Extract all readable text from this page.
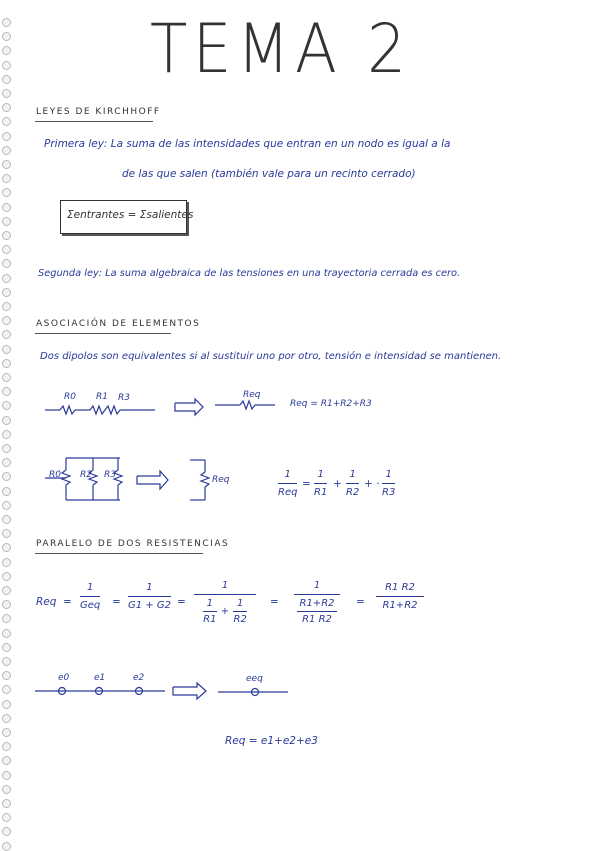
TEMA 2
LEYES DE KIRCHHOFF
Primera ley: La suma de las intensidades que entran en un nodo es igual a la
de las que salen (también vale para un recinto cerrado)
Σentrantes = Σsalientes
Segunda ley: La suma algebraica de las tensiones en una trayectoria cerrada es cero.
ASOCIACIÓN DE ELEMENTOS
Dos dipolos son equivalentes si al sustituir uno por otro, tensión e intensidad se mantienen.
R0 R1 R3	Req
Req = R1+R2+R3
R0 R2 R3	Req	1
Req
=
1
R1
+
1
R2
+ ·
1
R3
PARALELO DE DOS RESISTENCIAS
Req =
1
Geq =
1
G1 + G2 =
1
1
R1
+
1
R2
=
1
R1+R2
R1 R2
=
R1 R2
R1+R2
e0	e1	e2	eeq
Req = e1+e2+e3
